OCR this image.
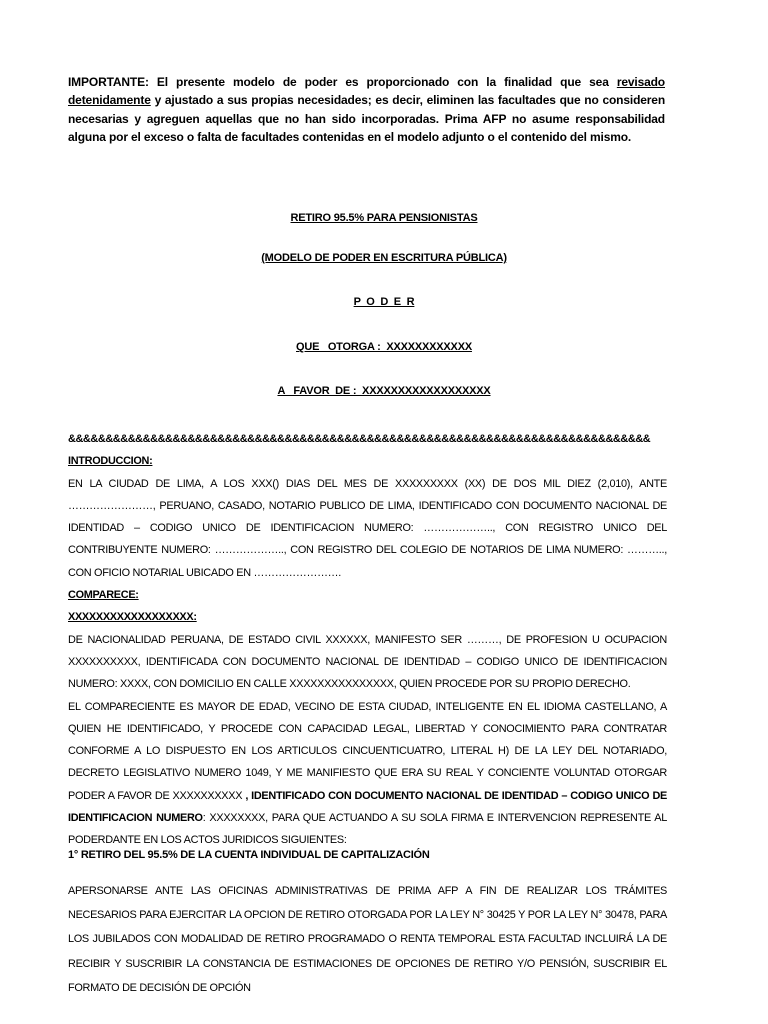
IMPORTANTE: El presente modelo de poder es proporcionado con la finalidad que sea revisado detenidamente y ajustado a sus propias necesidades; es decir, eliminen las facultades que no consideren necesarias y agreguen aquellas que no han sido incorporadas. Prima AFP no asume responsabilidad alguna por el exceso o falta de facultades contenidas en el modelo adjunto o el contenido del mismo.
RETIRO 95.5% PARA PENSIONISTAS
(MODELO DE PODER EN ESCRITURA PÚBLICA)
P  O  D  E  R
QUE   OTORGA :  XXXXXXXXXXXX
A   FAVOR  DE :  XXXXXXXXXXXXXXXXXX

&&&&&&&&&&&&&&&&&&&&&&&&&&&&&&&&&&&&&&&&&&&&&&&&&&&&&&&&&&&&&&&&&&&&&&&&&&&&&&

INTRODUCCION:

EN LA CIUDAD DE LIMA, A LOS XXX() DIAS DEL MES DE XXXXXXXXX (XX) DE DOS MIL DIEZ (2,010), ANTE ……………………, PERUANO, CASADO, NOTARIO PUBLICO DE LIMA, IDENTIFICADO CON DOCUMENTO NACIONAL DE IDENTIDAD – CODIGO UNICO DE IDENTIFICACION NUMERO: ……………….., CON REGISTRO UNICO DEL CONTRIBUYENTE NUMERO: ……………….., CON REGISTRO DEL COLEGIO DE NOTARIOS DE LIMA NUMERO: ……….., CON OFICIO NOTARIAL UBICADO EN …………………….

COMPARECE:

XXXXXXXXXXXXXXXXXX:

DE NACIONALIDAD PERUANA, DE ESTADO CIVIL XXXXXX, MANIFESTO SER ………, DE PROFESION U OCUPACION XXXXXXXXXX, IDENTIFICADA CON DOCUMENTO NACIONAL DE IDENTIDAD – CODIGO UNICO DE IDENTIFICACION NUMERO: XXXX, CON DOMICILIO EN CALLE XXXXXXXXXXXXXXX, QUIEN PROCEDE POR SU PROPIO DERECHO.

EL COMPARECIENTE ES MAYOR DE EDAD, VECINO DE ESTA CIUDAD, INTELIGENTE EN EL IDIOMA CASTELLANO, A QUIEN HE IDENTIFICADO, Y PROCEDE CON CAPACIDAD LEGAL, LIBERTAD Y CONOCIMIENTO PARA CONTRATAR CONFORME A LO DISPUESTO EN LOS ARTICULOS CINCUENTICUATRO, LITERAL H) DE LA LEY DEL NOTARIADO, DECRETO LEGISLATIVO NUMERO 1049, Y ME MANIFIESTO QUE ERA SU REAL Y CONCIENTE VOLUNTAD OTORGAR PODER A FAVOR DE XXXXXXXXXX , IDENTIFICADO CON DOCUMENTO NACIONAL DE IDENTIDAD – CODIGO UNICO DE IDENTIFICACION NUMERO: XXXXXXXX, PARA QUE ACTUANDO A SU SOLA FIRMA E INTERVENCION REPRESENTE AL PODERDANTE EN LOS ACTOS JURIDICOS SIGUIENTES:

1° RETIRO DEL 95.5% DE LA CUENTA INDIVIDUAL DE CAPITALIZACIÓN

APERSONARSE ANTE LAS OFICINAS ADMINISTRATIVAS DE PRIMA AFP A FIN DE REALIZAR LOS TRÁMITES NECESARIOS PARA EJERCITAR LA OPCION DE RETIRO OTORGADA POR LA LEY N° 30425 Y POR LA LEY N° 30478, PARA LOS JUBILADOS CON MODALIDAD DE RETIRO PROGRAMADO O RENTA TEMPORAL ESTA FACULTAD INCLUIRÁ LA DE RECIBIR Y SUSCRIBIR LA CONSTANCIA DE ESTIMACIONES DE OPCIONES DE RETIRO Y/O PENSIÓN, SUSCRIBIR EL FORMATO DE DECISIÓN DE OPCIÓN
